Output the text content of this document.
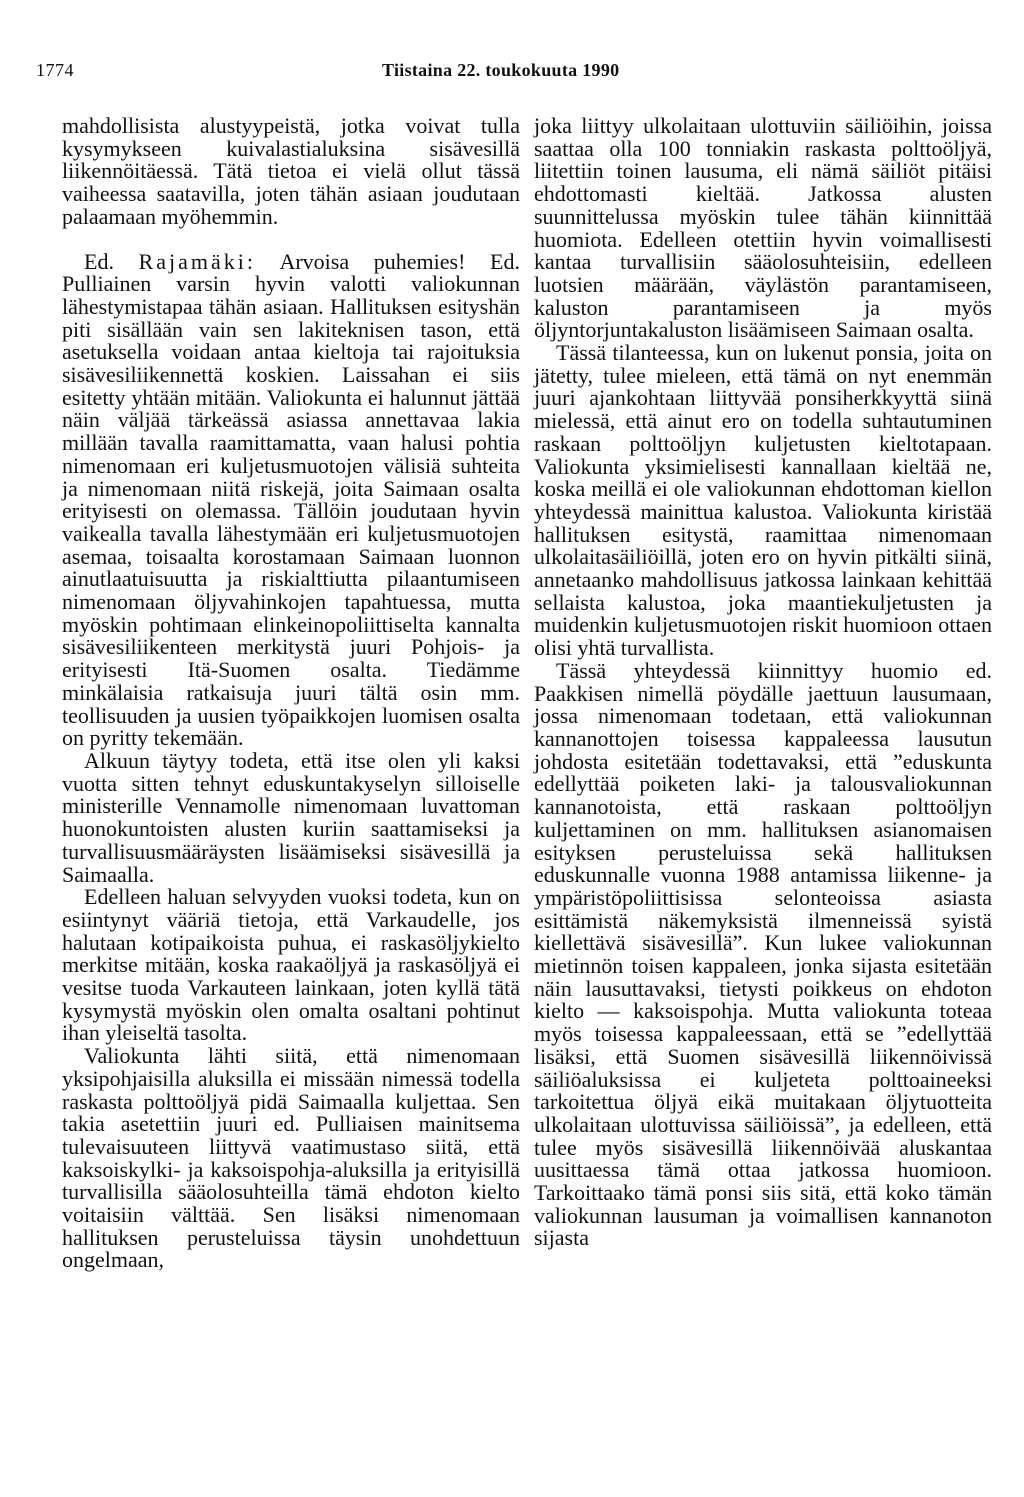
1774	Tiistaina 22. toukokuuta 1990

mahdollisista alustyypeistä, jotka voivat tulla kysymykseen kuivalastialuksina sisävesillä liikennöitäessä. Tätä tietoa ei vielä ollut tässä vaiheessa saatavilla, joten tähän asiaan joudutaan palaamaan myöhemmin.

Ed. Rajamäki: Arvoisa puhemies! Ed. Pulliainen varsin hyvin valotti valiokunnan lähestymistapaa tähän asiaan. Hallituksen esityshän piti sisällään vain sen lakiteknisen tason, että asetuksella voidaan antaa kieltoja tai rajoituksia sisävesiliikennettä koskien. Laissahan ei siis esitetty yhtään mitään. Valiokunta ei halunnut jättää näin väljää tärkeässä asiassa annettavaa lakia millään tavalla raamittamatta, vaan halusi pohtia nimenomaan eri kuljetusmuotojen välisiä suhteita ja nimenomaan niitä riskejä, joita Saimaan osalta erityisesti on olemassa. Tällöin joudutaan hyvin vaikealla tavalla lähestymään eri kuljetusmuotojen asemaa, toisaalta korostamaan Saimaan luonnon ainutlaatuisuutta ja riskialttiutta pilaantumiseen nimenomaan öljyvahinkojen tapahtuessa, mutta myöskin pohtimaan elinkeinopoliittiselta kannalta sisävesiliikenteen merkitystä juuri Pohjois- ja erityisesti Itä-Suomen osalta. Tiedämme minkälaisia ratkaisuja juuri tältä osin mm. teollisuuden ja uusien työpaikkojen luomisen osalta on pyritty tekemään.

Alkuun täytyy todeta, että itse olen yli kaksi vuotta sitten tehnyt eduskuntakyselyn silloiselle ministerille Vennamolle nimenomaan luvattoman huonokuntoisten alusten kuriin saattamiseksi ja turvallisuusmääräysten lisäämiseksi sisävesillä ja Saimaalla.

Edelleen haluan selvyyden vuoksi todeta, kun on esiintynyt vääriä tietoja, että Varkaudelle, jos halutaan kotipaikoista puhua, ei raskasöljykielto merkitse mitään, koska raakaöljyä ja raskasöljyä ei vesitse tuoda Varkauteen lainkaan, joten kyllä tätä kysymystä myöskin olen omalta osaltani pohtinut ihan yleiseltä tasolta.

Valiokunta lähti siitä, että nimenomaan yksipohjaisilla aluksilla ei missään nimessä todella raskasta polttoöljyä pidä Saimaalla kuljettaa. Sen takia asetettiin juuri ed. Pulliaisen mainitsema tulevaisuuteen liittyvä vaatimustaso siitä, että kaksoiskylki- ja kaksoispohja-aluksilla ja erityisillä turvallisilla sääolosuhteilla tämä ehdoton kielto voitaisiin välttää. Sen lisäksi nimenomaan hallituksen perusteluissa täysin unohdettuun ongelmaan,

joka liittyy ulkolaitaan ulottuviin säiliöihin, joissa saattaa olla 100 tonniakin raskasta polttoöljyä, liitettiin toinen lausuma, eli nämä säiliöt pitäisi ehdottomasti kieltää. Jatkossa alusten suunnittelussa myöskin tulee tähän kiinnittää huomiota. Edelleen otettiin hyvin voimallisesti kantaa turvallisiin sääolosuhteisiin, edelleen luotsien määrään, väylästön parantamiseen, kaluston parantamiseen ja myös öljyntorjuntakaluston lisäämiseen Saimaan osalta.

Tässä tilanteessa, kun on lukenut ponsia, joita on jätetty, tulee mieleen, että tämä on nyt enemmän juuri ajankohtaan liittyvää ponsiherkkyyttä siinä mielessä, että ainut ero on todella suhtautuminen raskaan polttoöljyn kuljetusten kieltotapaan. Valiokunta yksimielisesti kannallaan kieltää ne, koska meillä ei ole valiokunnan ehdottoman kiellon yhteydessä mainittua kalustoa. Valiokunta kiristää hallituksen esitystä, raamittaa nimenomaan ulkolaitasäiliöillä, joten ero on hyvin pitkälti siinä, annetaanko mahdollisuus jatkossa lainkaan kehittää sellaista kalustoa, joka maantiekuljetusten ja muidenkin kuljetusmuotojen riskit huomioon ottaen olisi yhtä turvallista.

Tässä yhteydessä kiinnittyy huomio ed. Paakkisen nimellä pöydälle jaettuun lausumaan, jossa nimenomaan todetaan, että valiokunnan kannanottojen toisessa kappaleessa lausutun johdosta esitetään todettavaksi, että ”eduskunta edellyttää poiketen laki- ja talousvaliokunnan kannanotoista, että raskaan polttoöljyn kuljettaminen on mm. hallituksen asianomaisen esityksen perusteluissa sekä hallituksen eduskunnalle vuonna 1988 antamissa liikenne- ja ympäristöpoliittisissa selonteoissa asiasta esittämistä näkemyksistä ilmenneissä syistä kiellettävä sisävesillä”. Kun lukee valiokunnan mietinnön toisen kappaleen, jonka sijasta esitetään näin lausuttavaksi, tietysti poikkeus on ehdoton kielto — kaksoispohja. Mutta valiokunta toteaa myös toisessa kappaleessaan, että se ”edellyttää lisäksi, että Suomen sisävesillä liikennöivissä säiliöaluksissa ei kuljeteta polttoaineeksi tarkoitettua öljyä eikä muitakaan öljytuotteita ulkolaitaan ulottuvissa säiliöissä”, ja edelleen, että tulee myös sisävesillä liikennöivää aluskantaa uusittaessa tämä ottaa jatkossa huomioon. Tarkoittaako tämä ponsi siis sitä, että koko tämän valiokunnan lausuman ja voimallisen kannanoton sijasta
